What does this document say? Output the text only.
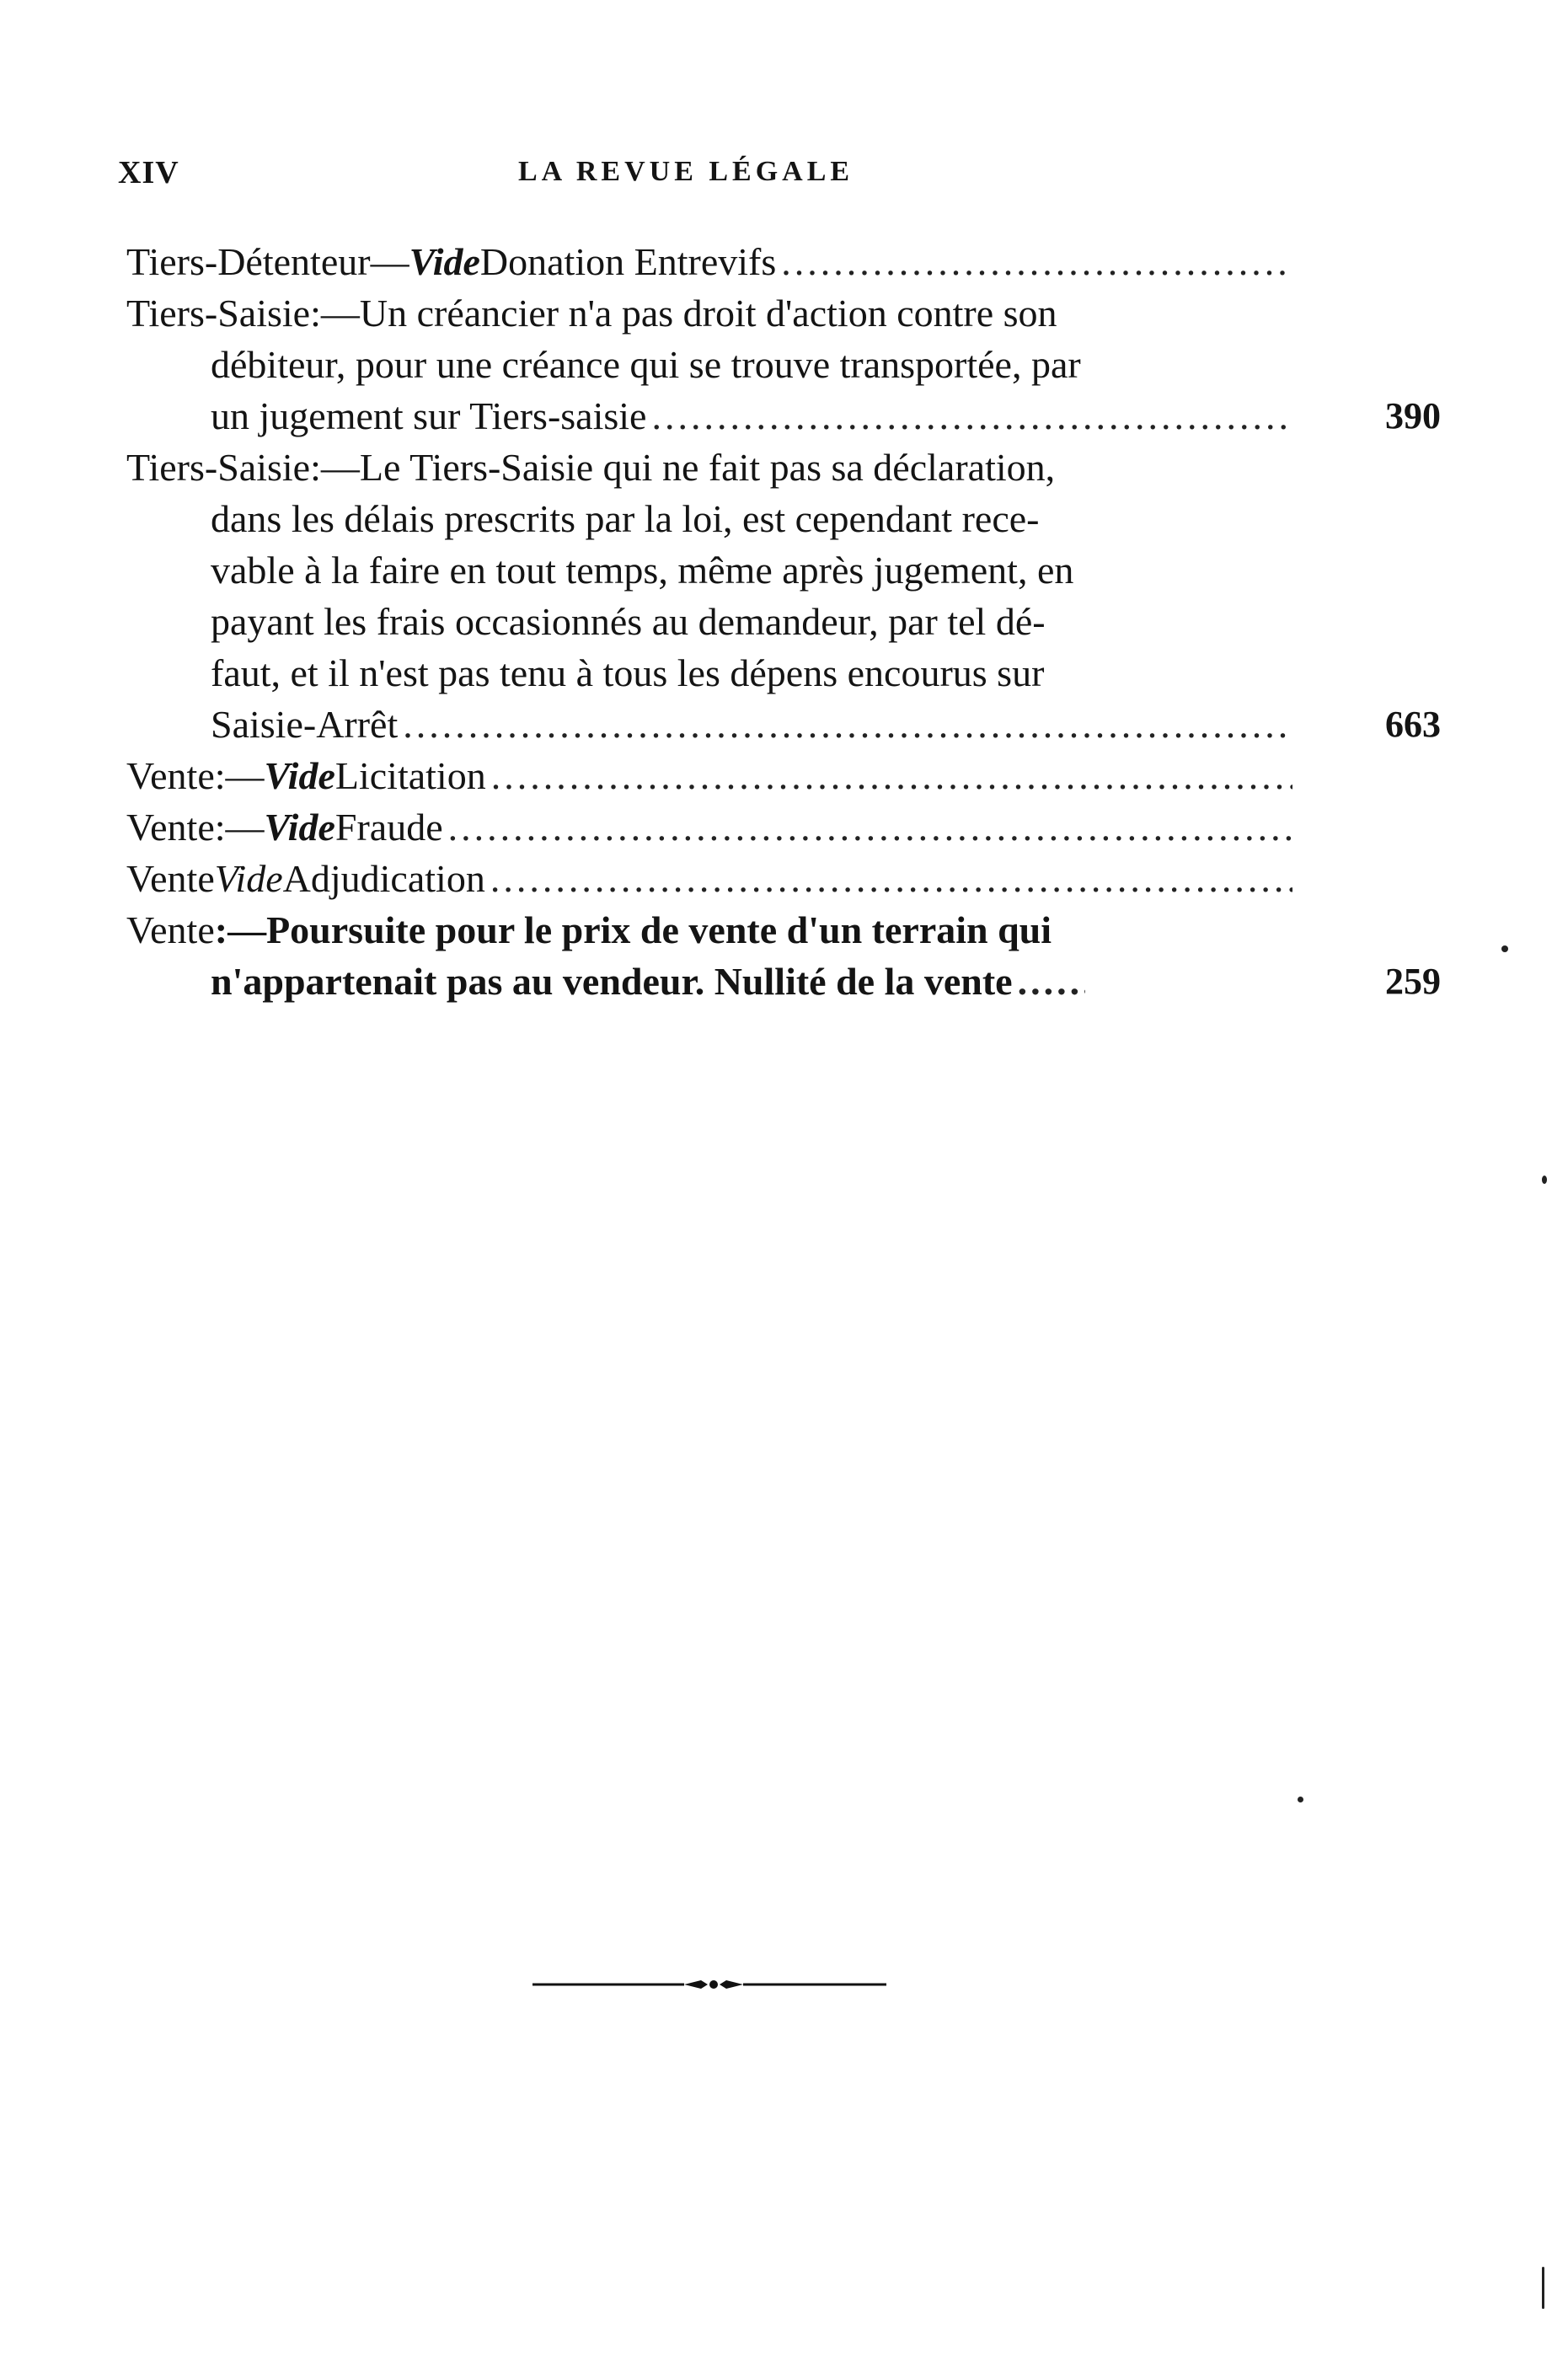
XIV	LA REVUE LÉGALE
Tiers-Détenteur — Vide Donation Entrevifs
.....
Tiers-Saisie :—Un créancier n'a pas droit d'action contre son
débiteur, pour une créance qui se trouve transportée, par
un jugement sur Tiers-saisie .....	390
Tiers-Saisie :—Le Tiers-Saisie qui ne fait pas sa déclaration,
dans les délais prescrits par la loi, est cependant rece-
vable à la faire en tout temps, même après jugement, en
payant les frais occasionnés au demandeur, par tel dé-
faut, et il n'est pas tenu à tous les dépens encourus sur
Saisie-Arrêt .....	663
Vente :— Vide Licitation
.....
Vente :— Vide Fraude
.....
Vente Vide Adjudication
.....
Vente :—Poursuite pour le prix de vente d'un terrain qui
n'appartenait pas au vendeur. Nullité de la vente .....	259
